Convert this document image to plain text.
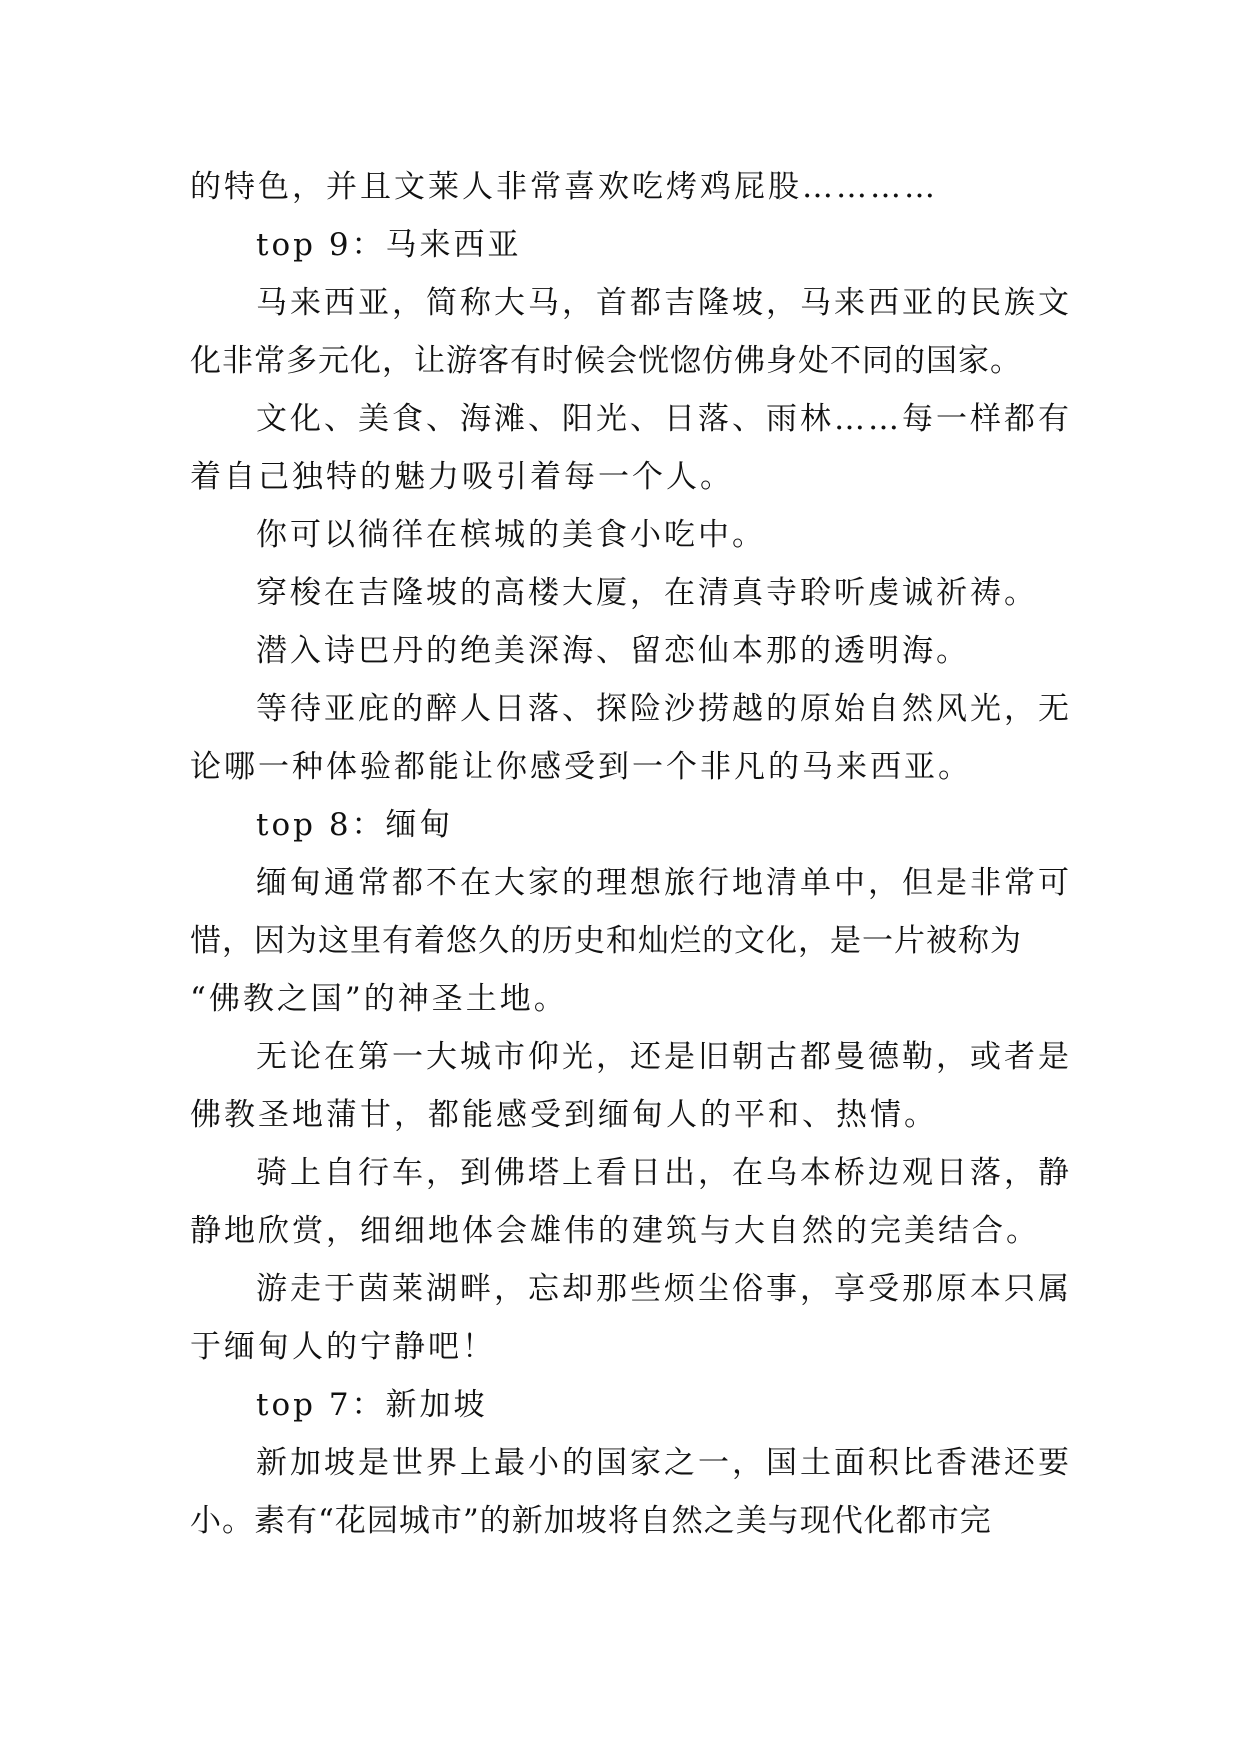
的特色，并且文莱人非常喜欢吃烤鸡屁股…………
top 9：马来西亚
马来西亚，简称大马，首都吉隆坡，马来西亚的民族文
化非常多元化，让游客有时候会恍惚仿佛身处不同的国家。
文化、美食、海滩、阳光、日落、雨林……每一样都有
着自己独特的魅力吸引着每一个人。
你可以徜徉在槟城的美食小吃中。
穿梭在吉隆坡的高楼大厦，在清真寺聆听虔诚祈祷。
潜入诗巴丹的绝美深海、留恋仙本那的透明海。
等待亚庇的醉人日落、探险沙捞越的原始自然风光，无
论哪一种体验都能让你感受到一个非凡的马来西亚。
top 8：缅甸
缅甸通常都不在大家的理想旅行地清单中，但是非常可
惜，因为这里有着悠久的历史和灿烂的文化，是一片被称为
“佛教之国”的神圣土地。
无论在第一大城市仰光，还是旧朝古都曼德勒，或者是
佛教圣地蒲甘，都能感受到缅甸人的平和、热情。
骑上自行车，到佛塔上看日出，在乌本桥边观日落，静
静地欣赏，细细地体会雄伟的建筑与大自然的完美结合。
游走于茵莱湖畔，忘却那些烦尘俗事，享受那原本只属
于缅甸人的宁静吧！
top 7：新加坡
新加坡是世界上最小的国家之一，国土面积比香港还要
小。素有“花园城市”的新加坡将自然之美与现代化都市完
